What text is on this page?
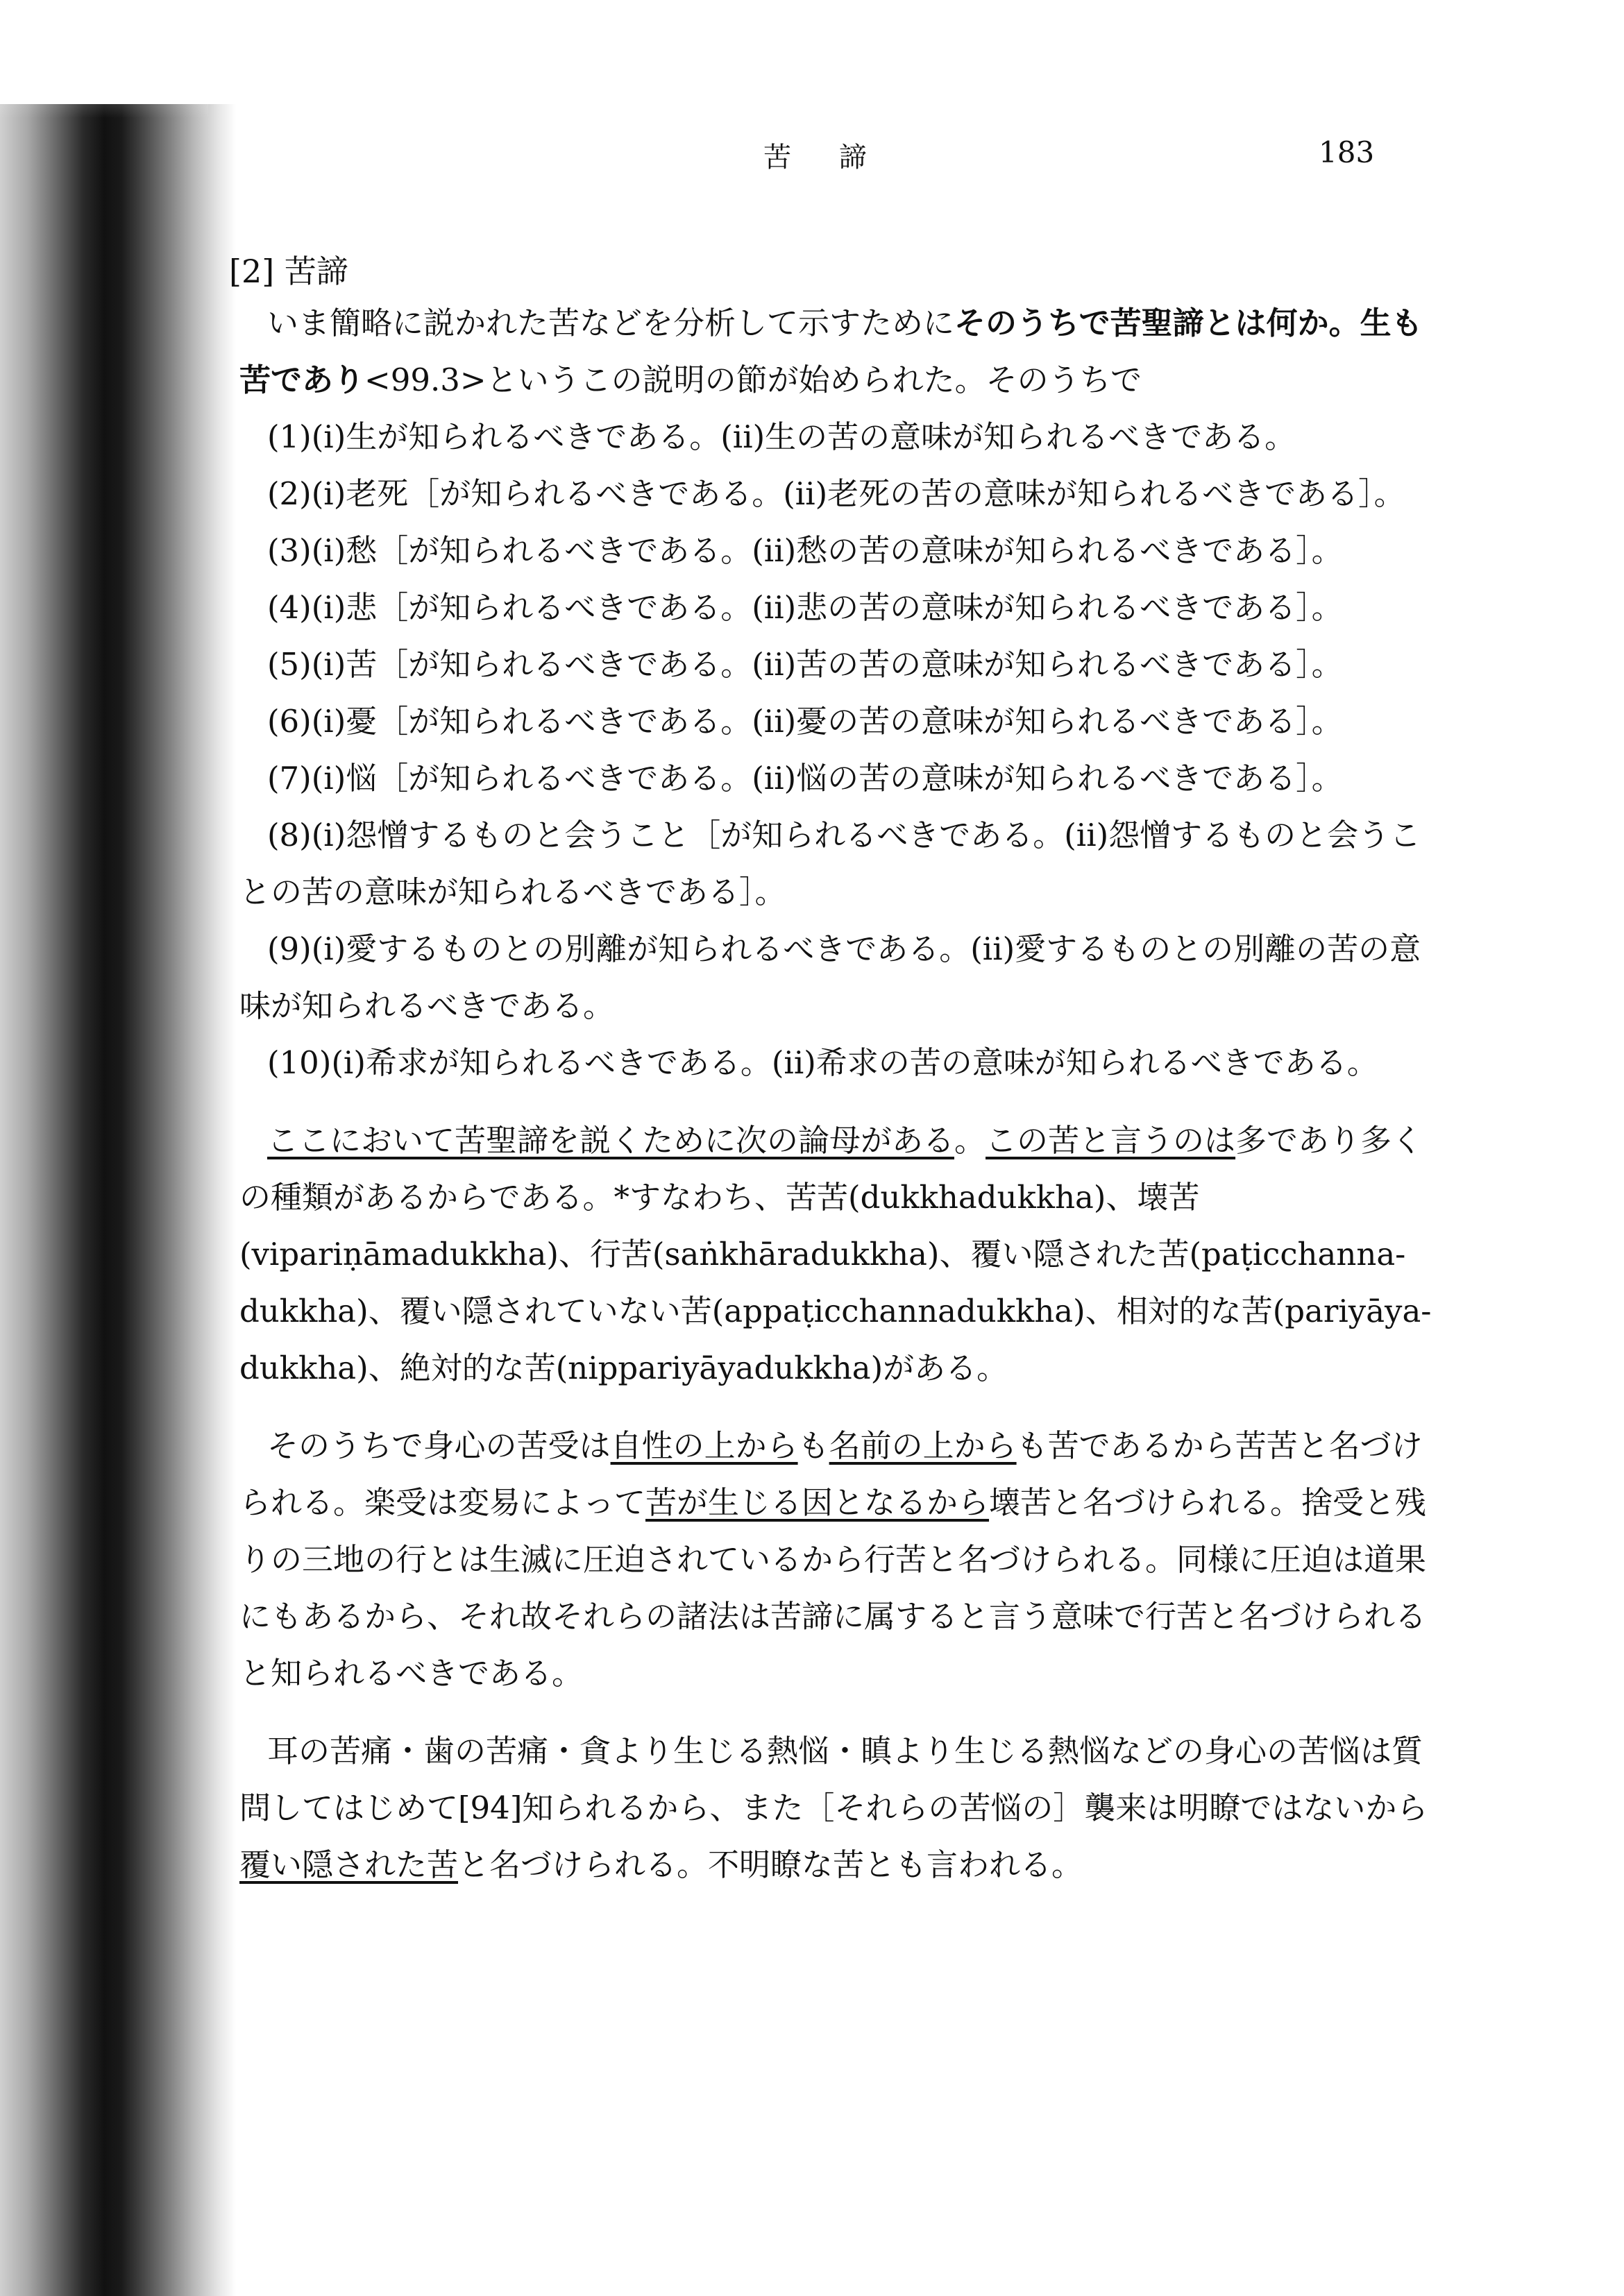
苦 諦	183
[2] 苦諦

いま簡略に説かれた苦などを分析して示すためにそのうちで苦聖諦とは何か。生も苦であり<99.3>というこの説明の節が始められた。そのうちで

(1)(i)生が知られるべきである。(ii)生の苦の意味が知られるべきである。

(2)(i)老死［が知られるべきである。(ii)老死の苦の意味が知られるべきである］。

(3)(i)愁［が知られるべきである。(ii)愁の苦の意味が知られるべきである］。

(4)(i)悲［が知られるべきである。(ii)悲の苦の意味が知られるべきである］。

(5)(i)苦［が知られるべきである。(ii)苦の苦の意味が知られるべきである］。

(6)(i)憂［が知られるべきである。(ii)憂の苦の意味が知られるべきである］。

(7)(i)悩［が知られるべきである。(ii)悩の苦の意味が知られるべきである］。

(8)(i)怨憎するものと会うこと［が知られるべきである。(ii)怨憎するものと会うことの苦の意味が知られるべきである］。

(9)(i)愛するものとの別離が知られるべきである。(ii)愛するものとの別離の苦の意味が知られるべきである。

(10)(i)希求が知られるべきである。(ii)希求の苦の意味が知られるべきである。

ここにおいて苦聖諦を説くために次の論母がある。この苦と言うのは多であり多くの種類があるからである。*すなわち、苦苦(dukkhadukkha)、壊苦(vipariṇāmadukkha)、行苦(saṅkhāradukkha)、覆い隠された苦(paṭicchanna-dukkha)、覆い隠されていない苦(appaṭicchannadukkha)、相対的な苦(pariyāya-dukkha)、絶対的な苦(nippariyāyadukkha)がある。

そのうちで身心の苦受は自性の上からも名前の上からも苦であるから苦苦と名づけられる。楽受は変易によって苦が生じる因となるから壊苦と名づけられる。捨受と残りの三地の行とは生滅に圧迫されているから行苦と名づけられる。同様に圧迫は道果にもあるから、それ故それらの諸法は苦諦に属すると言う意味で行苦と名づけられると知られるべきである。

耳の苦痛・歯の苦痛・貪より生じる熱悩・瞋より生じる熱悩などの身心の苦悩は質問してはじめて[94]知られるから、また［それらの苦悩の］襲来は明瞭ではないから覆い隠された苦と名づけられる。不明瞭な苦とも言われる。
